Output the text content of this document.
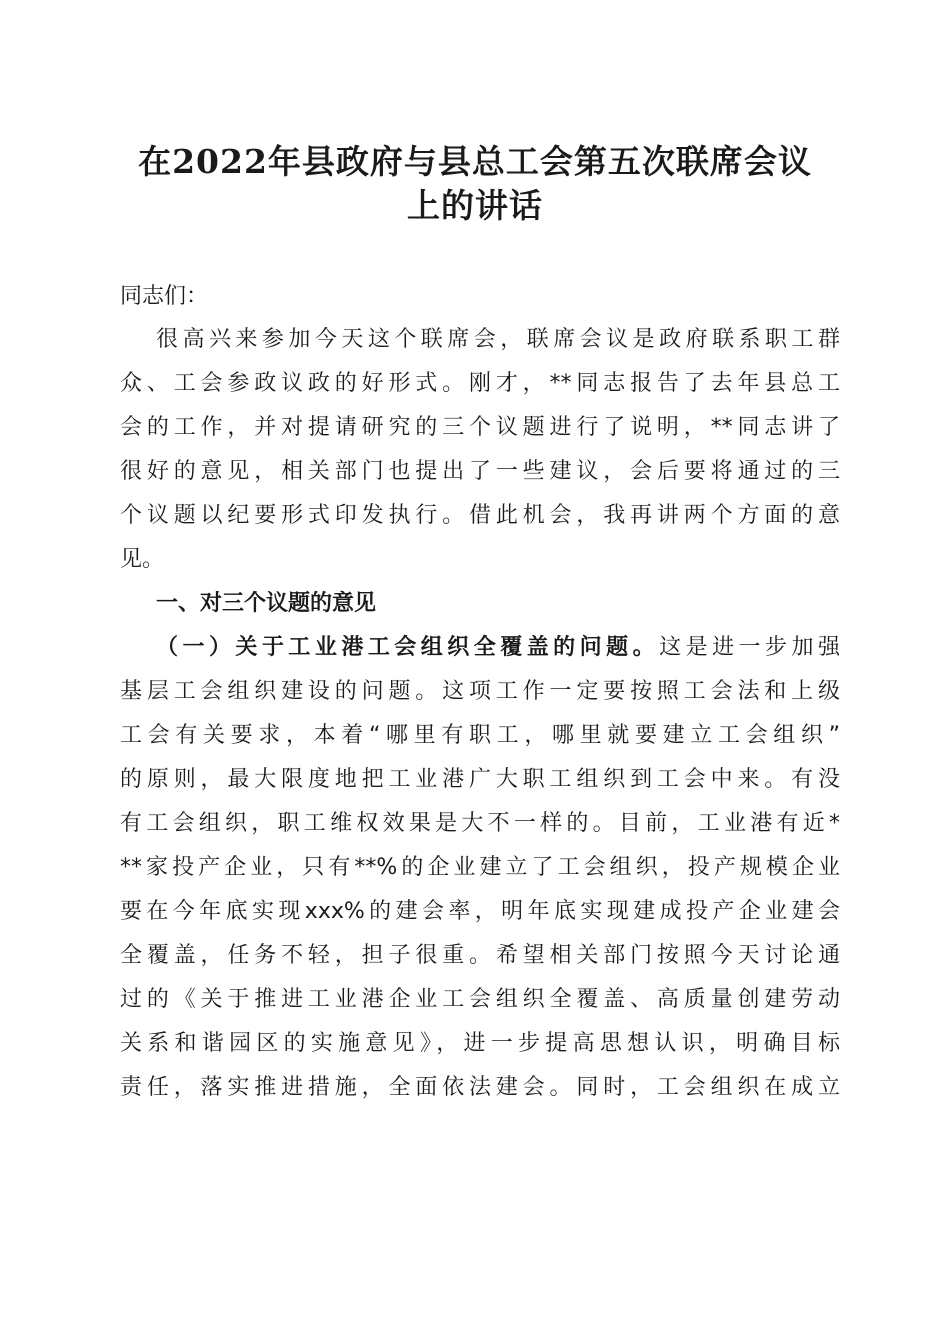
在2022年县政府与县总工会第五次联席会议
上的讲话
同志们：
很高兴来参加今天这个联席会，联席会议是政府联系职工群
众、工会参政议政的好形式。刚才，**同志报告了去年县总工
会的工作，并对提请研究的三个议题进行了说明，**同志讲了
很好的意见，相关部门也提出了一些建议，会后要将通过的三
个议题以纪要形式印发执行。借此机会，我再讲两个方面的意
见。
一、对三个议题的意见
（一）关于工业港工会组织全覆盖的问题。这是进一步加强
基层工会组织建设的问题。这项工作一定要按照工会法和上级
工会有关要求，本着“哪里有职工，哪里就要建立工会组织”
的原则，最大限度地把工业港广大职工组织到工会中来。有没
有工会组织，职工维权效果是大不一样的。目前，工业港有近*
**家投产企业，只有**%的企业建立了工会组织，投产规模企业
要在今年底实现xxx%的建会率，明年底实现建成投产企业建会
全覆盖，任务不轻，担子很重。希望相关部门按照今天讨论通
过的《关于推进工业港企业工会组织全覆盖、高质量创建劳动
关系和谐园区的实施意见》，进一步提高思想认识，明确目标
责任，落实推进措施，全面依法建会。同时，工会组织在成立
